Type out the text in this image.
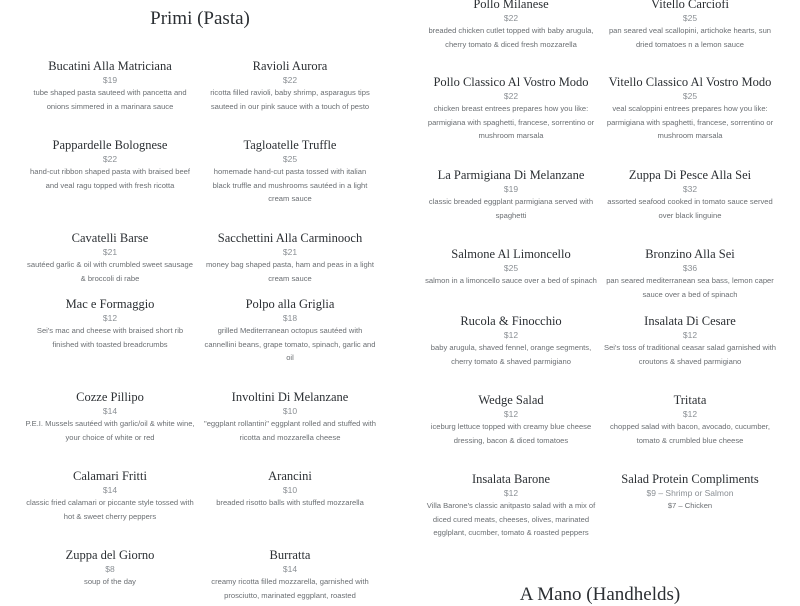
Primi (Pasta)
A Mano (Handhelds)
Bucatini Alla Matriciana
$19
tube shaped pasta sauteed with pancetta and onions simmered in a marinara sauce
Ravioli Aurora
$22
ricotta filled ravioli, baby shrimp, asparagus tips sauteed in our pink sauce with a touch of pesto
Pappardelle Bolognese
$22
hand-cut ribbon shaped pasta with braised beef and veal ragu topped with fresh ricotta
Tagloatelle Truffle
$25
homemade hand-cut pasta tossed with italian black truffle and mushrooms sautéed in a light cream sauce
Cavatelli Barse
$21
sautéed garlic & oil with crumbled sweet sausage & broccoli di rabe
Sacchettini Alla Carminooch
$21
money bag shaped pasta, ham and peas in a light cream sauce
Mac e Formaggio
$12
Sei's mac and cheese with braised short rib finished with toasted breadcrumbs
Polpo alla Griglia
$18
grilled Mediterranean octopus sautéed with cannellini beans, grape tomato, spinach, garlic and oil
Cozze Pillipo
$14
P.E.I. Mussels sautéed with garlic/oil & white wine, your choice of white or red
Involtini Di Melanzane
$10
"eggplant rollantini" eggplant rolled and stuffed with ricotta and mozzarella cheese
Calamari Fritti
$14
classic fried calamari or piccante style tossed with hot & sweet cherry peppers
Arancini
$10
breaded risotto balls with stuffed mozzarella
Zuppa del Giorno
$8
soup of the day
Burratta
$14
creamy ricotta filled mozzarella, garnished with prosciutto, marinated eggplant, roasted
Pollo Milanese
$22
breaded chicken cutlet topped with baby arugula, cherry tomato & diced fresh mozzarella
Vitello Carciofi
$25
pan seared veal scallopini, artichoke hearts, sun dried tomatoes n a lemon sauce
Pollo Classico Al Vostro Modo
$22
chicken breast entrees prepares how you like: parmigiana with spaghetti, francese, sorrentino or mushroom marsala
Vitello Classico Al Vostro Modo
$25
veal scaloppini entrees prepares how you like: parmigiana with spaghetti, francese, sorrentino or mushroom marsala
La Parmigiana Di Melanzane
$19
classic breaded eggplant parmigiana served with spaghetti
Zuppa Di Pesce Alla Sei
$32
assorted seafood cooked in tomato sauce served over black linguine
Salmone Al Limoncello
$25
salmon in a limoncello sauce over a bed of spinach
Bronzino Alla Sei
$36
pan seared mediterranean sea bass, lemon caper sauce over a bed of spinach
Rucola & Finocchio
$12
baby arugula, shaved fennel, orange segments, cherry tomato & shaved parmigiano
Insalata Di Cesare
$12
Sei's toss of traditional ceasar salad garnished with croutons & shaved parmigiano
Wedge Salad
$12
iceburg lettuce topped with creamy blue cheese dressing, bacon & diced tomatoes
Tritata
$12
chopped salad with bacon, avocado, cucumber, tomato & crumbled blue cheese
Insalata Barone
$12
Villa Barone's classic anitpasto salad with a mix of diced cured meats, cheeses, olives, marinated egglplant, cucmber, tomato & roasted peppers
Salad Protein Compliments
$9 – Shrimp or Salmon
$7 – Chicken
